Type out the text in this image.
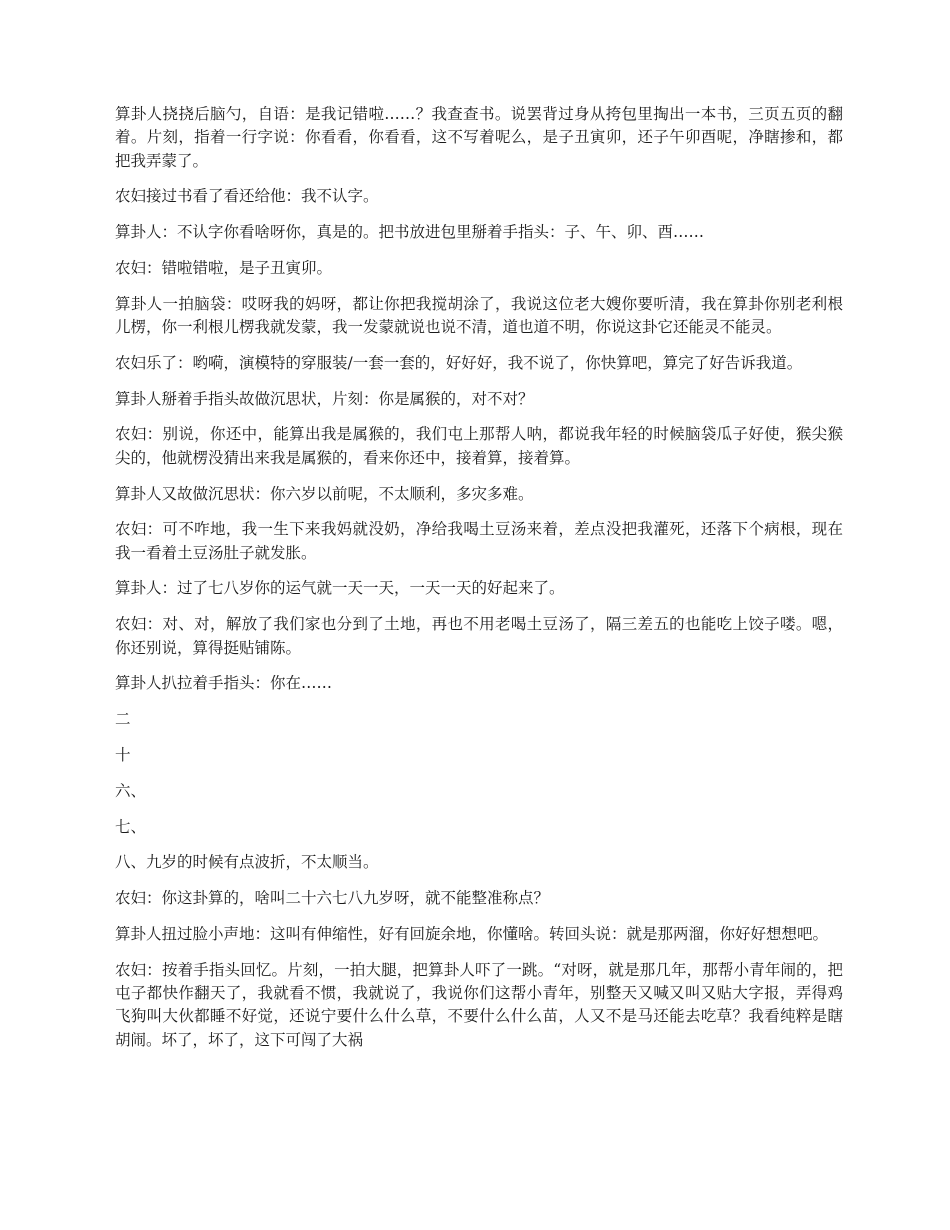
算卦人挠挠后脑勺，自语：是我记错啦……？我查查书。说罢背过身从挎包里掏出一本书，三页五页的翻着。片刻，指着一行字说：你看看，你看看，这不写着呢么，是子丑寅卯，还子午卯酉呢，净瞎掺和，都把我弄蒙了。

农妇接过书看了看还给他：我不认字。

算卦人：不认字你看啥呀你，真是的。把书放进包里掰着手指头：子、午、卯、酉……

农妇：错啦错啦，是子丑寅卯。

算卦人一拍脑袋：哎呀我的妈呀，都让你把我搅胡涂了，我说这位老大嫂你要听清，我在算卦你别老利根儿楞，你一利根儿楞我就发蒙，我一发蒙就说也说不清，道也道不明，你说这卦它还能灵不能灵。

农妇乐了：哟嗬，演模特的穿服装/一套一套的，好好好，我不说了，你快算吧，算完了好告诉我道。

算卦人掰着手指头故做沉思状，片刻：你是属猴的，对不对？

农妇：别说，你还中，能算出我是属猴的，我们屯上那帮人呐，都说我年轻的时候脑袋瓜子好使，猴尖猴尖的，他就楞没猜出来我是属猴的，看来你还中，接着算，接着算。

算卦人又故做沉思状：你六岁以前呢，不太顺利，多灾多难。

农妇：可不咋地，我一生下来我妈就没奶，净给我喝土豆汤来着，差点没把我灌死，还落下个病根，现在我一看着土豆汤肚子就发胀。

算卦人：过了七八岁你的运气就一天一天，一天一天的好起来了。

农妇：对、对，解放了我们家也分到了土地，再也不用老喝土豆汤了，隔三差五的也能吃上饺子喽。嗯，你还别说，算得挺贴铺陈。

算卦人扒拉着手指头：你在……

二

十

六、

七、

八、九岁的时候有点波折，不太顺当。

农妇：你这卦算的，啥叫二十六七八九岁呀，就不能整准称点？

算卦人扭过脸小声地：这叫有伸缩性，好有回旋余地，你懂啥。转回头说：就是那两溜，你好好想想吧。

农妇：按着手指头回忆。片刻，一拍大腿，把算卦人吓了一跳。“对呀，就是那几年，那帮小青年闹的，把屯子都快作翻天了，我就看不惯，我就说了，我说你们这帮小青年，别整天又喊又叫又贴大字报，弄得鸡飞狗叫大伙都睡不好觉，还说宁要什么什么草，不要什么什么苗，人又不是马还能去吃草？我看纯粹是瞎胡闹。坏了，坏了，这下可闯了大祸
